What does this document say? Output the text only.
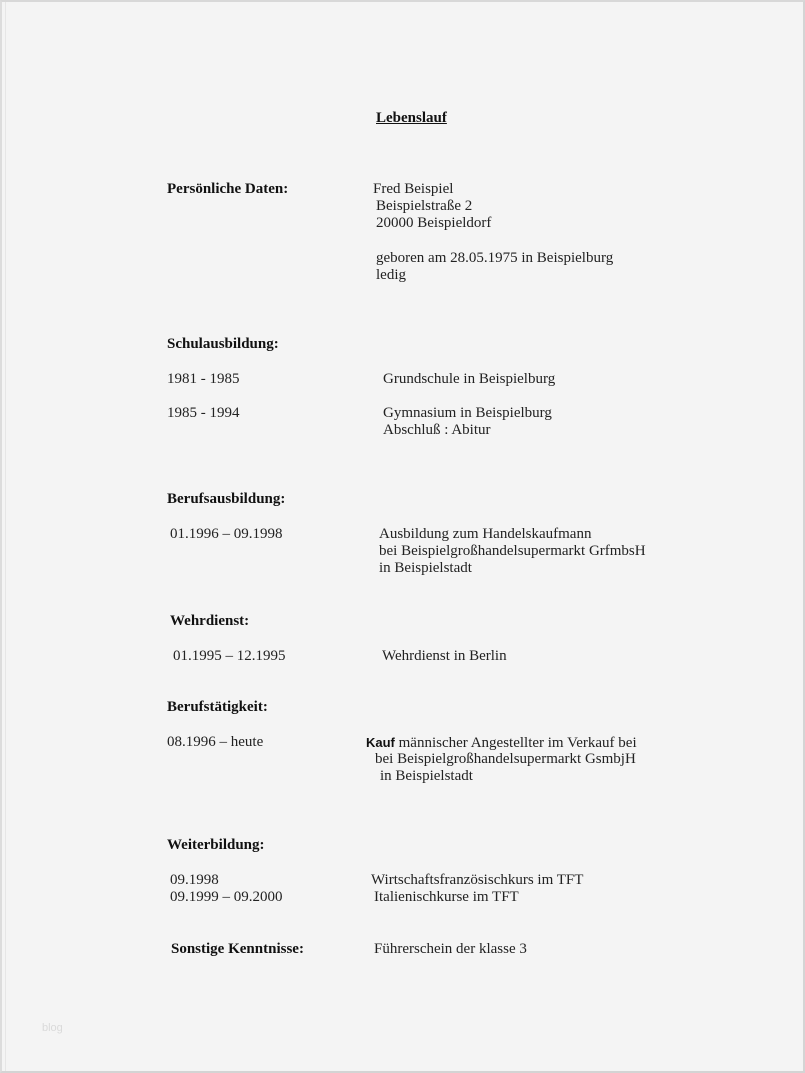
Lebenslauf
Persönliche Daten:	Fred Beispiel
Beispielstraße 2
20000 Beispieldorf
geboren am 28.05.1975 in Beispielburg
ledig
Schulausbildung:
1981 - 1985	Grundschule in Beispielburg
1985 - 1994	Gymnasium in Beispielburg
Abschluß : Abitur
Berufsausbildung:
01.1996 – 09.1998	Ausbildung zum Handelskaufmann
bei Beispielgroßhandelsupermarkt GrfmbsH
in Beispielstadt
Wehrdienst:
01.1995 – 12.1995	Wehrdienst in Berlin
Berufstätigkeit:
08.1996 – heute	Kauf männischer Angestellter im Verkauf bei
bei Beispielgroßhandelsupermarkt GsmbjH
in Beispielstadt
Weiterbildung:
09.1998	Wirtschaftsfranzösischkurs im TFT
09.1999 – 09.2000	Italienischkurse im TFT
Sonstige Kenntnisse:	Führerschein der klasse 3
blog
